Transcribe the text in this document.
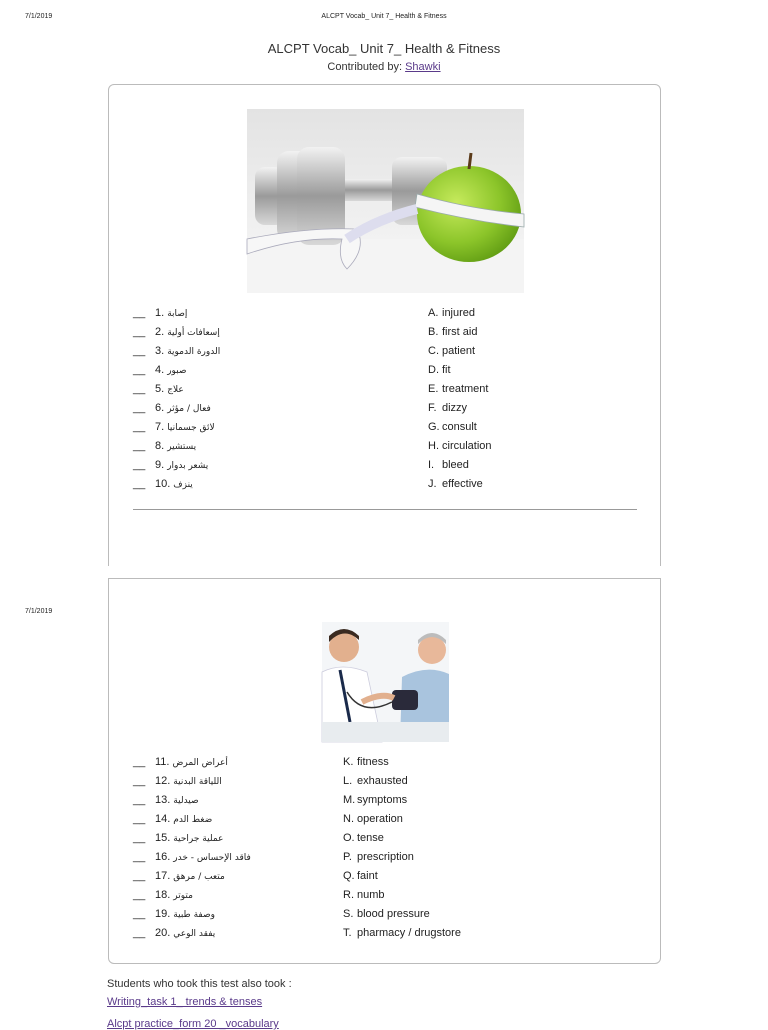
7/1/2019	ALCPT Vocab_ Unit 7_ Health & Fitness
ALCPT Vocab_ Unit 7_ Health & Fitness
Contributed by: Shawki
__ 1. إصابة
__ 2. إسعافات أولية
__ 3. الدورة الدموية
__ 4. صبور
__ 5. علاج
__ 6. فعال / مؤثر
__ 7. لائق جسمانيا
__ 8. يستشير
__ 9. يشعر بدوار
__ 10. ينزف
A. injured
B. first aid
C. patient
D. fit
E. treatment
F. dizzy
G. consult
H. circulation
I. bleed
J. effective
7/1/2019
__ 11. أعراض المرض
__ 12. اللياقة البدنية
__ 13. صيدلية
__ 14. ضغط الدم
__ 15. عملية جراحية
__ 16. فاقد الإحساس - خدر
__ 17. متعب / مرهق
__ 18. متوتر
__ 19. وصفة طبية
__ 20. يفقد الوعي
K. fitness
L. exhausted
M. symptoms
N. operation
O. tense
P. prescription
Q. faint
R. numb
S. blood pressure
T. pharmacy / drugstore
Students who took this test also took :
Writing_task 1_ trends & tenses
Alcpt practice_form 20 _vocabulary
